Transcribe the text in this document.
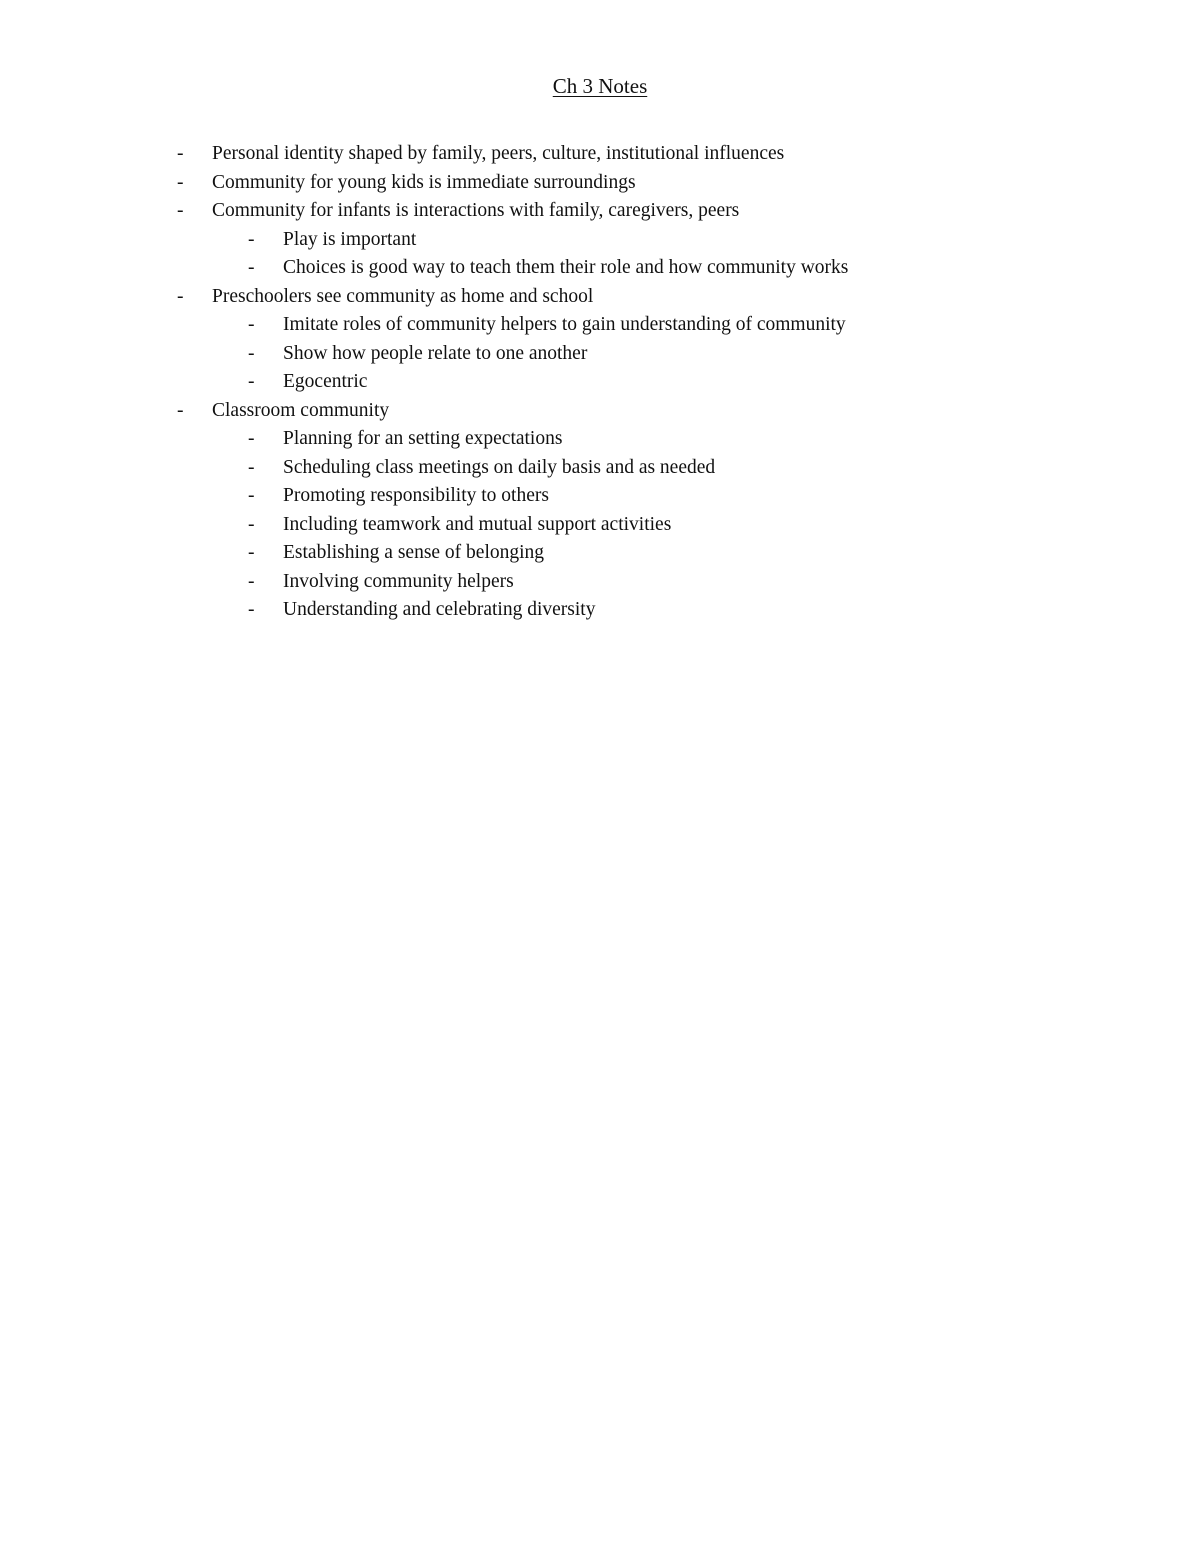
Ch 3 Notes
- Personal identity shaped by family, peers, culture, institutional influences
- Community for young kids is immediate surroundings
- Community for infants is interactions with family, caregivers, peers
- Play is important
- Choices is good way to teach them their role and how community works
- Preschoolers see community as home and school
- Imitate roles of community helpers to gain understanding of community
- Show how people relate to one another
- Egocentric
- Classroom community
- Planning for an setting expectations
- Scheduling class meetings on daily basis and as needed
- Promoting responsibility to others
- Including teamwork and mutual support activities
- Establishing a sense of belonging
- Involving community helpers
- Understanding and celebrating diversity
